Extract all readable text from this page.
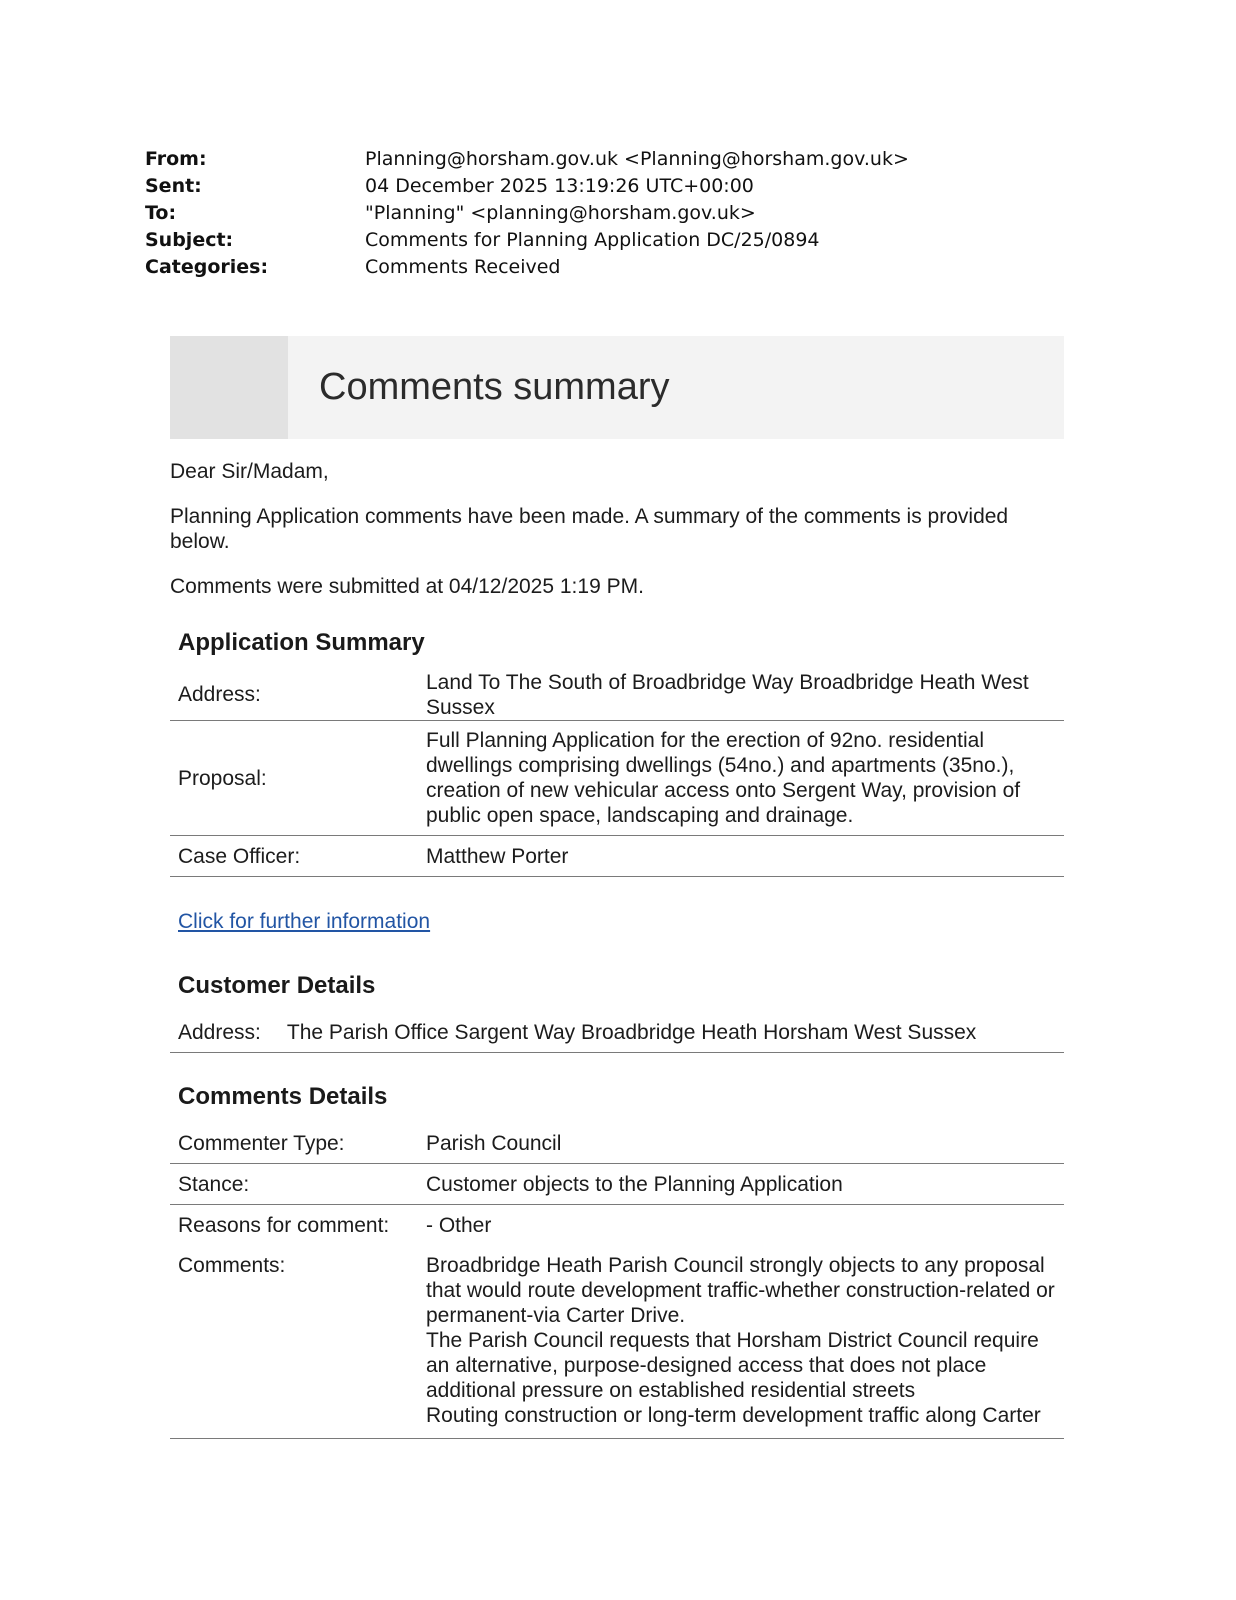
From:	Planning@horsham.gov.uk <Planning@horsham.gov.uk>
Sent:	04 December 2025 13:19:26 UTC+00:00
To:	"Planning" <planning@horsham.gov.uk>
Subject:	Comments for Planning Application DC/25/0894
Categories:	Comments Received
Comments summary

Dear Sir/Madam,

Planning Application comments have been made. A summary of the comments is provided below.

Comments were submitted at 04/12/2025 1:19 PM.

Application Summary
Address:
Land To The South of Broadbridge Way Broadbridge Heath West Sussex
Proposal:
Full Planning Application for the erection of 92no. residential dwellings comprising dwellings (54no.) and apartments (35no.), creation of new vehicular access onto Sergent Way, provision of public open space, landscaping and drainage.
Case Officer:	Matthew Porter
Click for further information
Customer Details
Address:	The Parish Office Sargent Way Broadbridge Heath Horsham West Sussex
Comments Details
Commenter Type:	Parish Council
Stance:	Customer objects to the Planning Application
Reasons for comment:	- Other
Comments:	Broadbridge Heath Parish Council strongly objects to any proposal that would route development traffic-whether construction-related or permanent-via Carter Drive.
The Parish Council requests that Horsham District Council require an alternative, purpose-designed access that does not place additional pressure on established residential streets
Routing construction or long-term development traffic along Carter
